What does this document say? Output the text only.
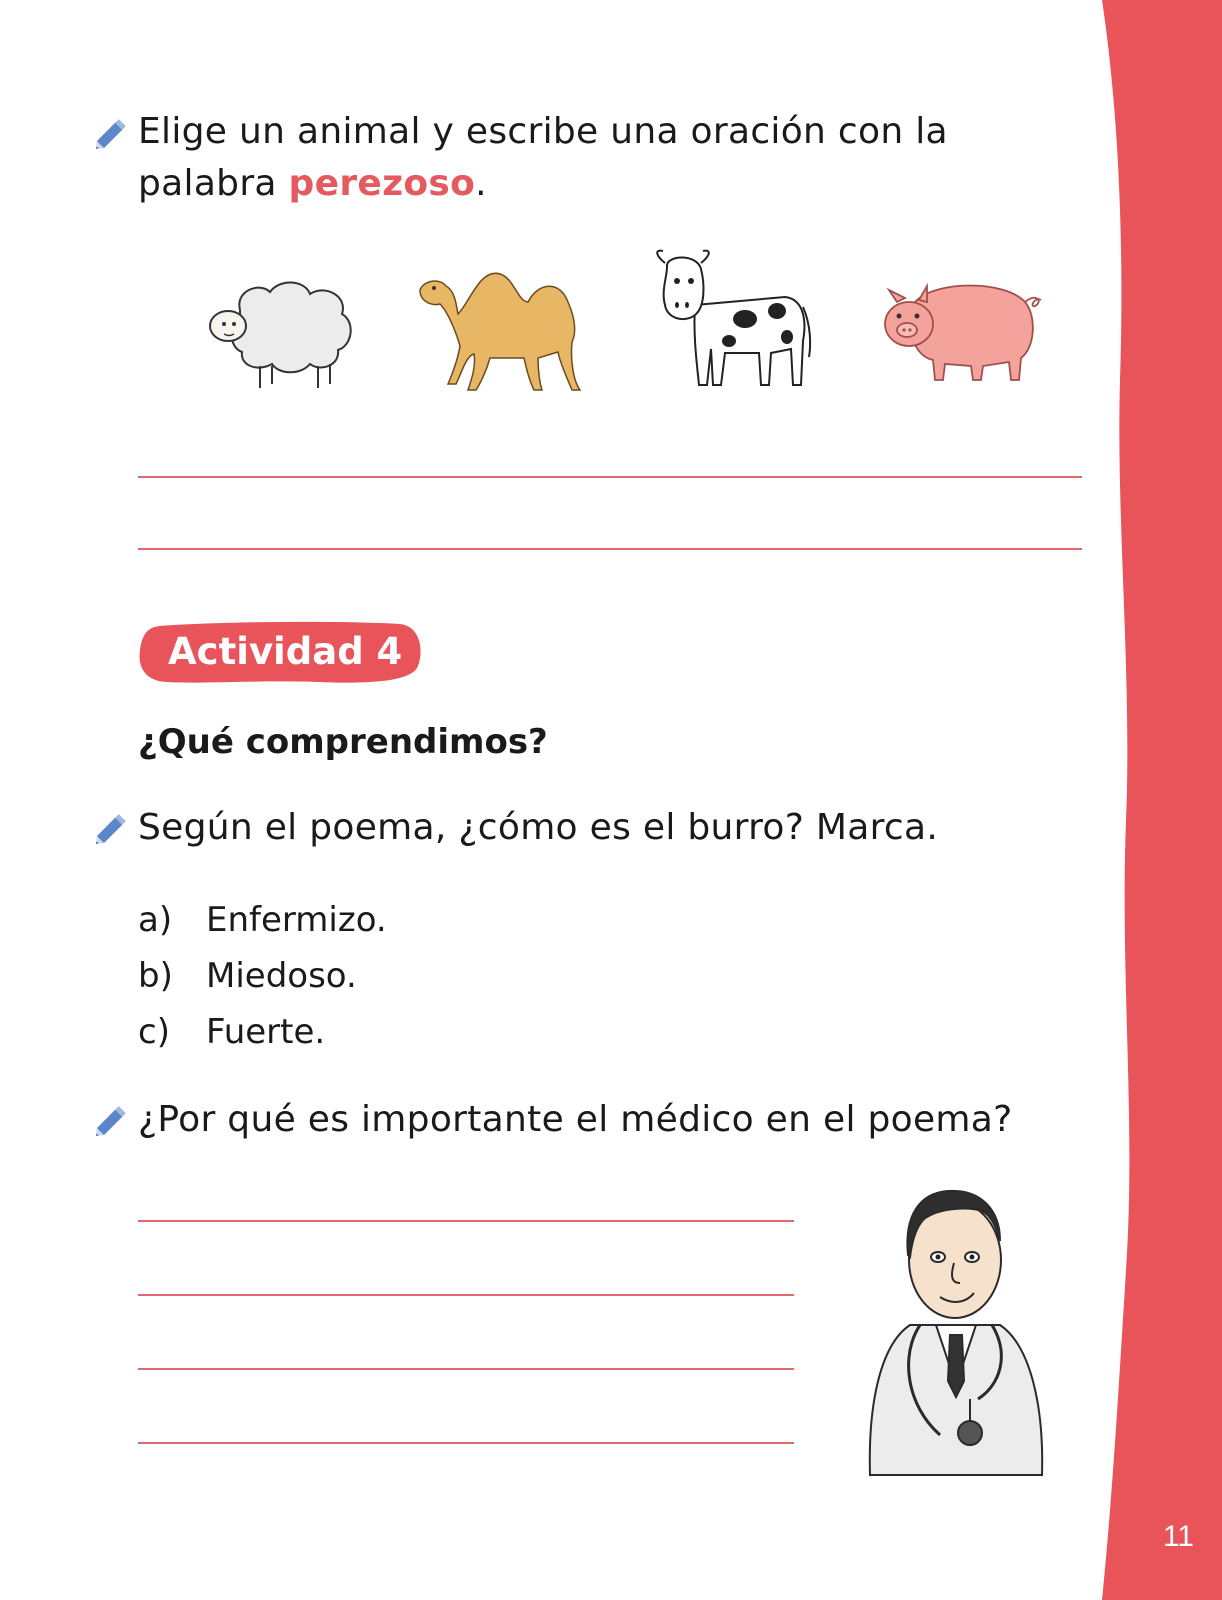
11
Elige un animal y escribe una oración con la
palabra perezoso.
Actividad 4
¿Qué comprendimos?
Según el poema, ¿cómo es el burro? Marca.
a) Enfermizo.
b) Miedoso.
c) Fuerte.
¿Por qué es importante el médico en el poema?
